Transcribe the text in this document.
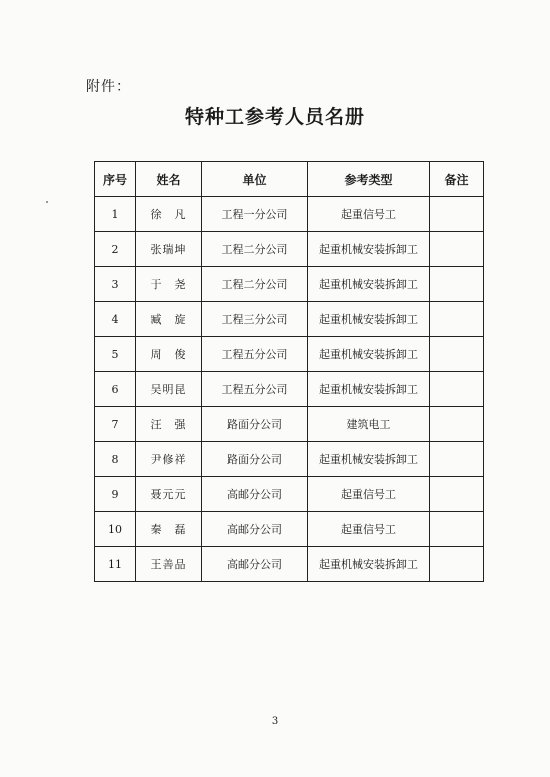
附件：
特种工参考人员名册
序号	姓名	单位	参考类型	备注
1	徐　凡	工程一分公司	起重信号工	
2	张瑞坤	工程二分公司	起重机械安装拆卸工	
3	于　尧	工程二分公司	起重机械安装拆卸工	
4	臧　旋	工程三分公司	起重机械安装拆卸工	
5	周　俊	工程五分公司	起重机械安装拆卸工	
6	吴明昆	工程五分公司	起重机械安装拆卸工	
7	汪　强	路面分公司	建筑电工	
8	尹修祥	路面分公司	起重机械安装拆卸工	
9	聂元元	高邮分公司	起重信号工	
10	秦　磊	高邮分公司	起重信号工	
11	王善品	高邮分公司	起重机械安装拆卸工	
3
